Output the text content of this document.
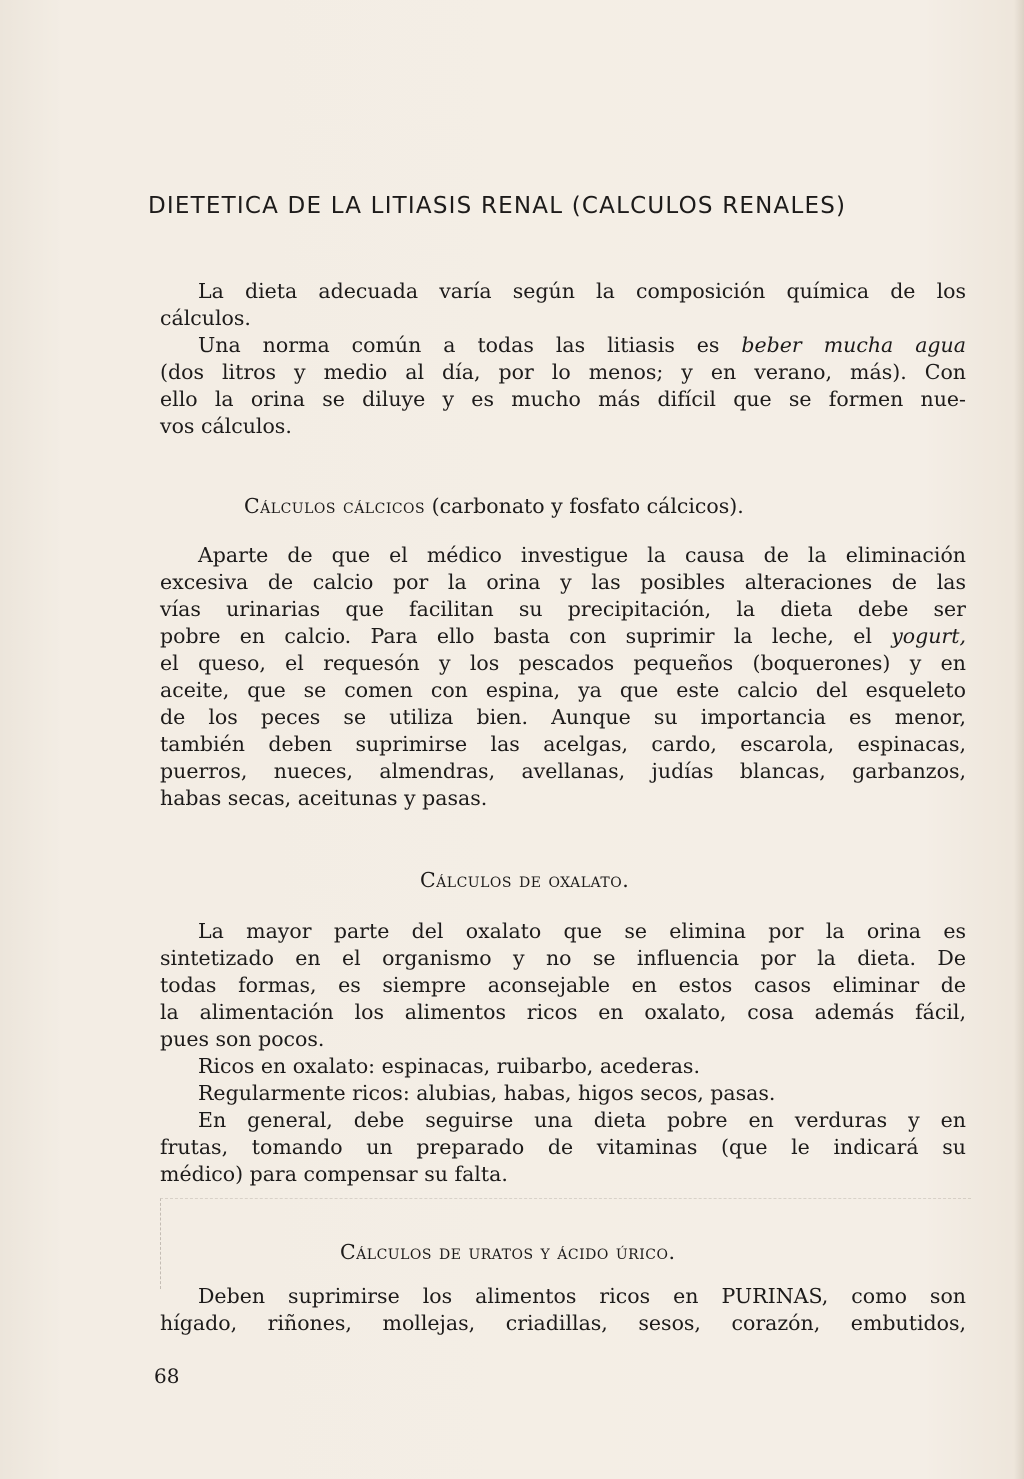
DIETETICA DE LA LITIASIS RENAL (CALCULOS RENALES)
La dieta adecuada varía según la composición química de los
cálculos.
Una norma común a todas las litiasis es beber mucha agua
(dos litros y medio al día, por lo menos; y en verano, más). Con
ello la orina se diluye y es mucho más difícil que se formen nue-
vos cálculos.
Cálculos cálcicos (carbonato y fosfato cálcicos).
Aparte de que el médico investigue la causa de la eliminación
excesiva de calcio por la orina y las posibles alteraciones de las
vías urinarias que facilitan su precipitación, la dieta debe ser
pobre en calcio. Para ello basta con suprimir la leche, el yogurt,
el queso, el requesón y los pescados pequeños (boquerones) y en
aceite, que se comen con espina, ya que este calcio del esqueleto
de los peces se utiliza bien. Aunque su importancia es menor,
también deben suprimirse las acelgas, cardo, escarola, espinacas,
puerros, nueces, almendras, avellanas, judías blancas, garbanzos,
habas secas, aceitunas y pasas.
Cálculos de oxalato.
La mayor parte del oxalato que se elimina por la orina es
sintetizado en el organismo y no se influencia por la dieta. De
todas formas, es siempre aconsejable en estos casos eliminar de
la alimentación los alimentos ricos en oxalato, cosa además fácil,
pues son pocos.
Ricos en oxalato: espinacas, ruibarbo, acederas.
Regularmente ricos: alubias, habas, higos secos, pasas.
En general, debe seguirse una dieta pobre en verduras y en
frutas, tomando un preparado de vitaminas (que le indicará su
médico) para compensar su falta.
Cálculos de uratos y ácido úrico.
Deben suprimirse los alimentos ricos en PURINAS, como son
hígado, riñones, mollejas, criadillas, sesos, corazón, embutidos,

68
